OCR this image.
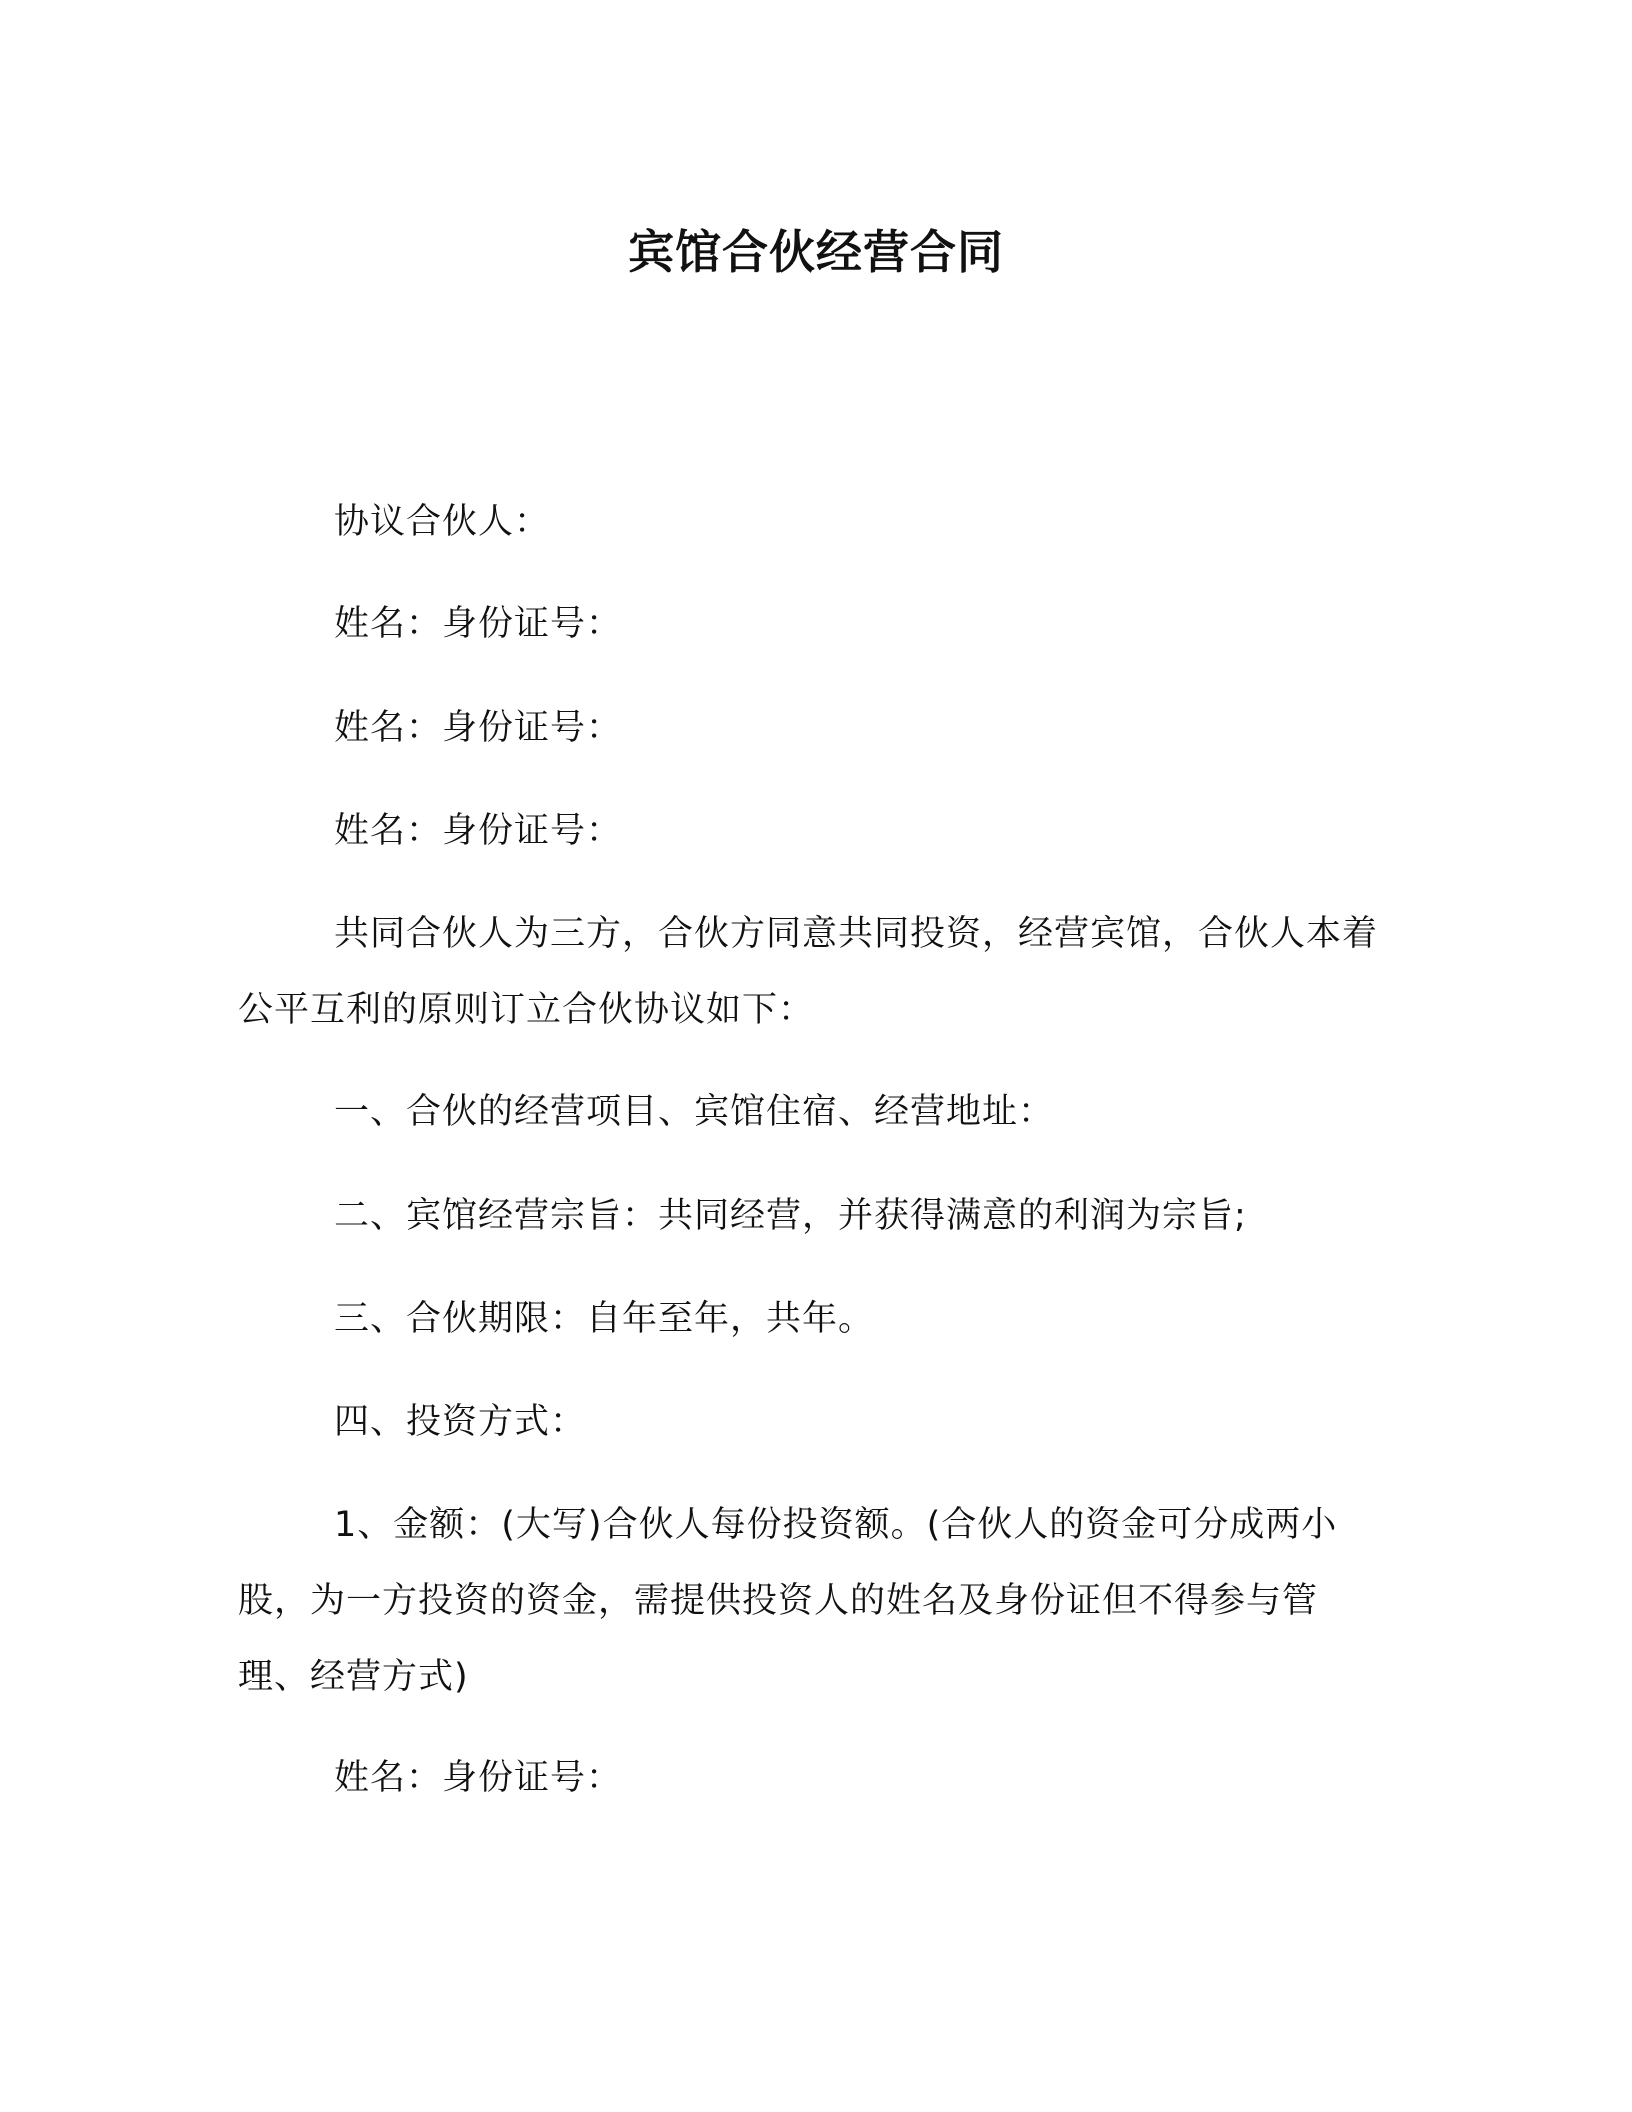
宾馆合伙经营合同

协议合伙人：

姓名：身份证号：

姓名：身份证号：

姓名：身份证号：

共同合伙人为三方，合伙方同意共同投资，经营宾馆，合伙人本着公平互利的原则订立合伙协议如下：

一、合伙的经营项目、宾馆住宿、经营地址：

二、宾馆经营宗旨：共同经营，并获得满意的利润为宗旨;

三、合伙期限：自年至年，共年。

四、投资方式：

1、金额：(大写)合伙人每份投资额。(合伙人的资金可分成两小股，为一方投资的资金，需提供投资人的姓名及身份证但不得参与管理、经营方式)

姓名：身份证号：
